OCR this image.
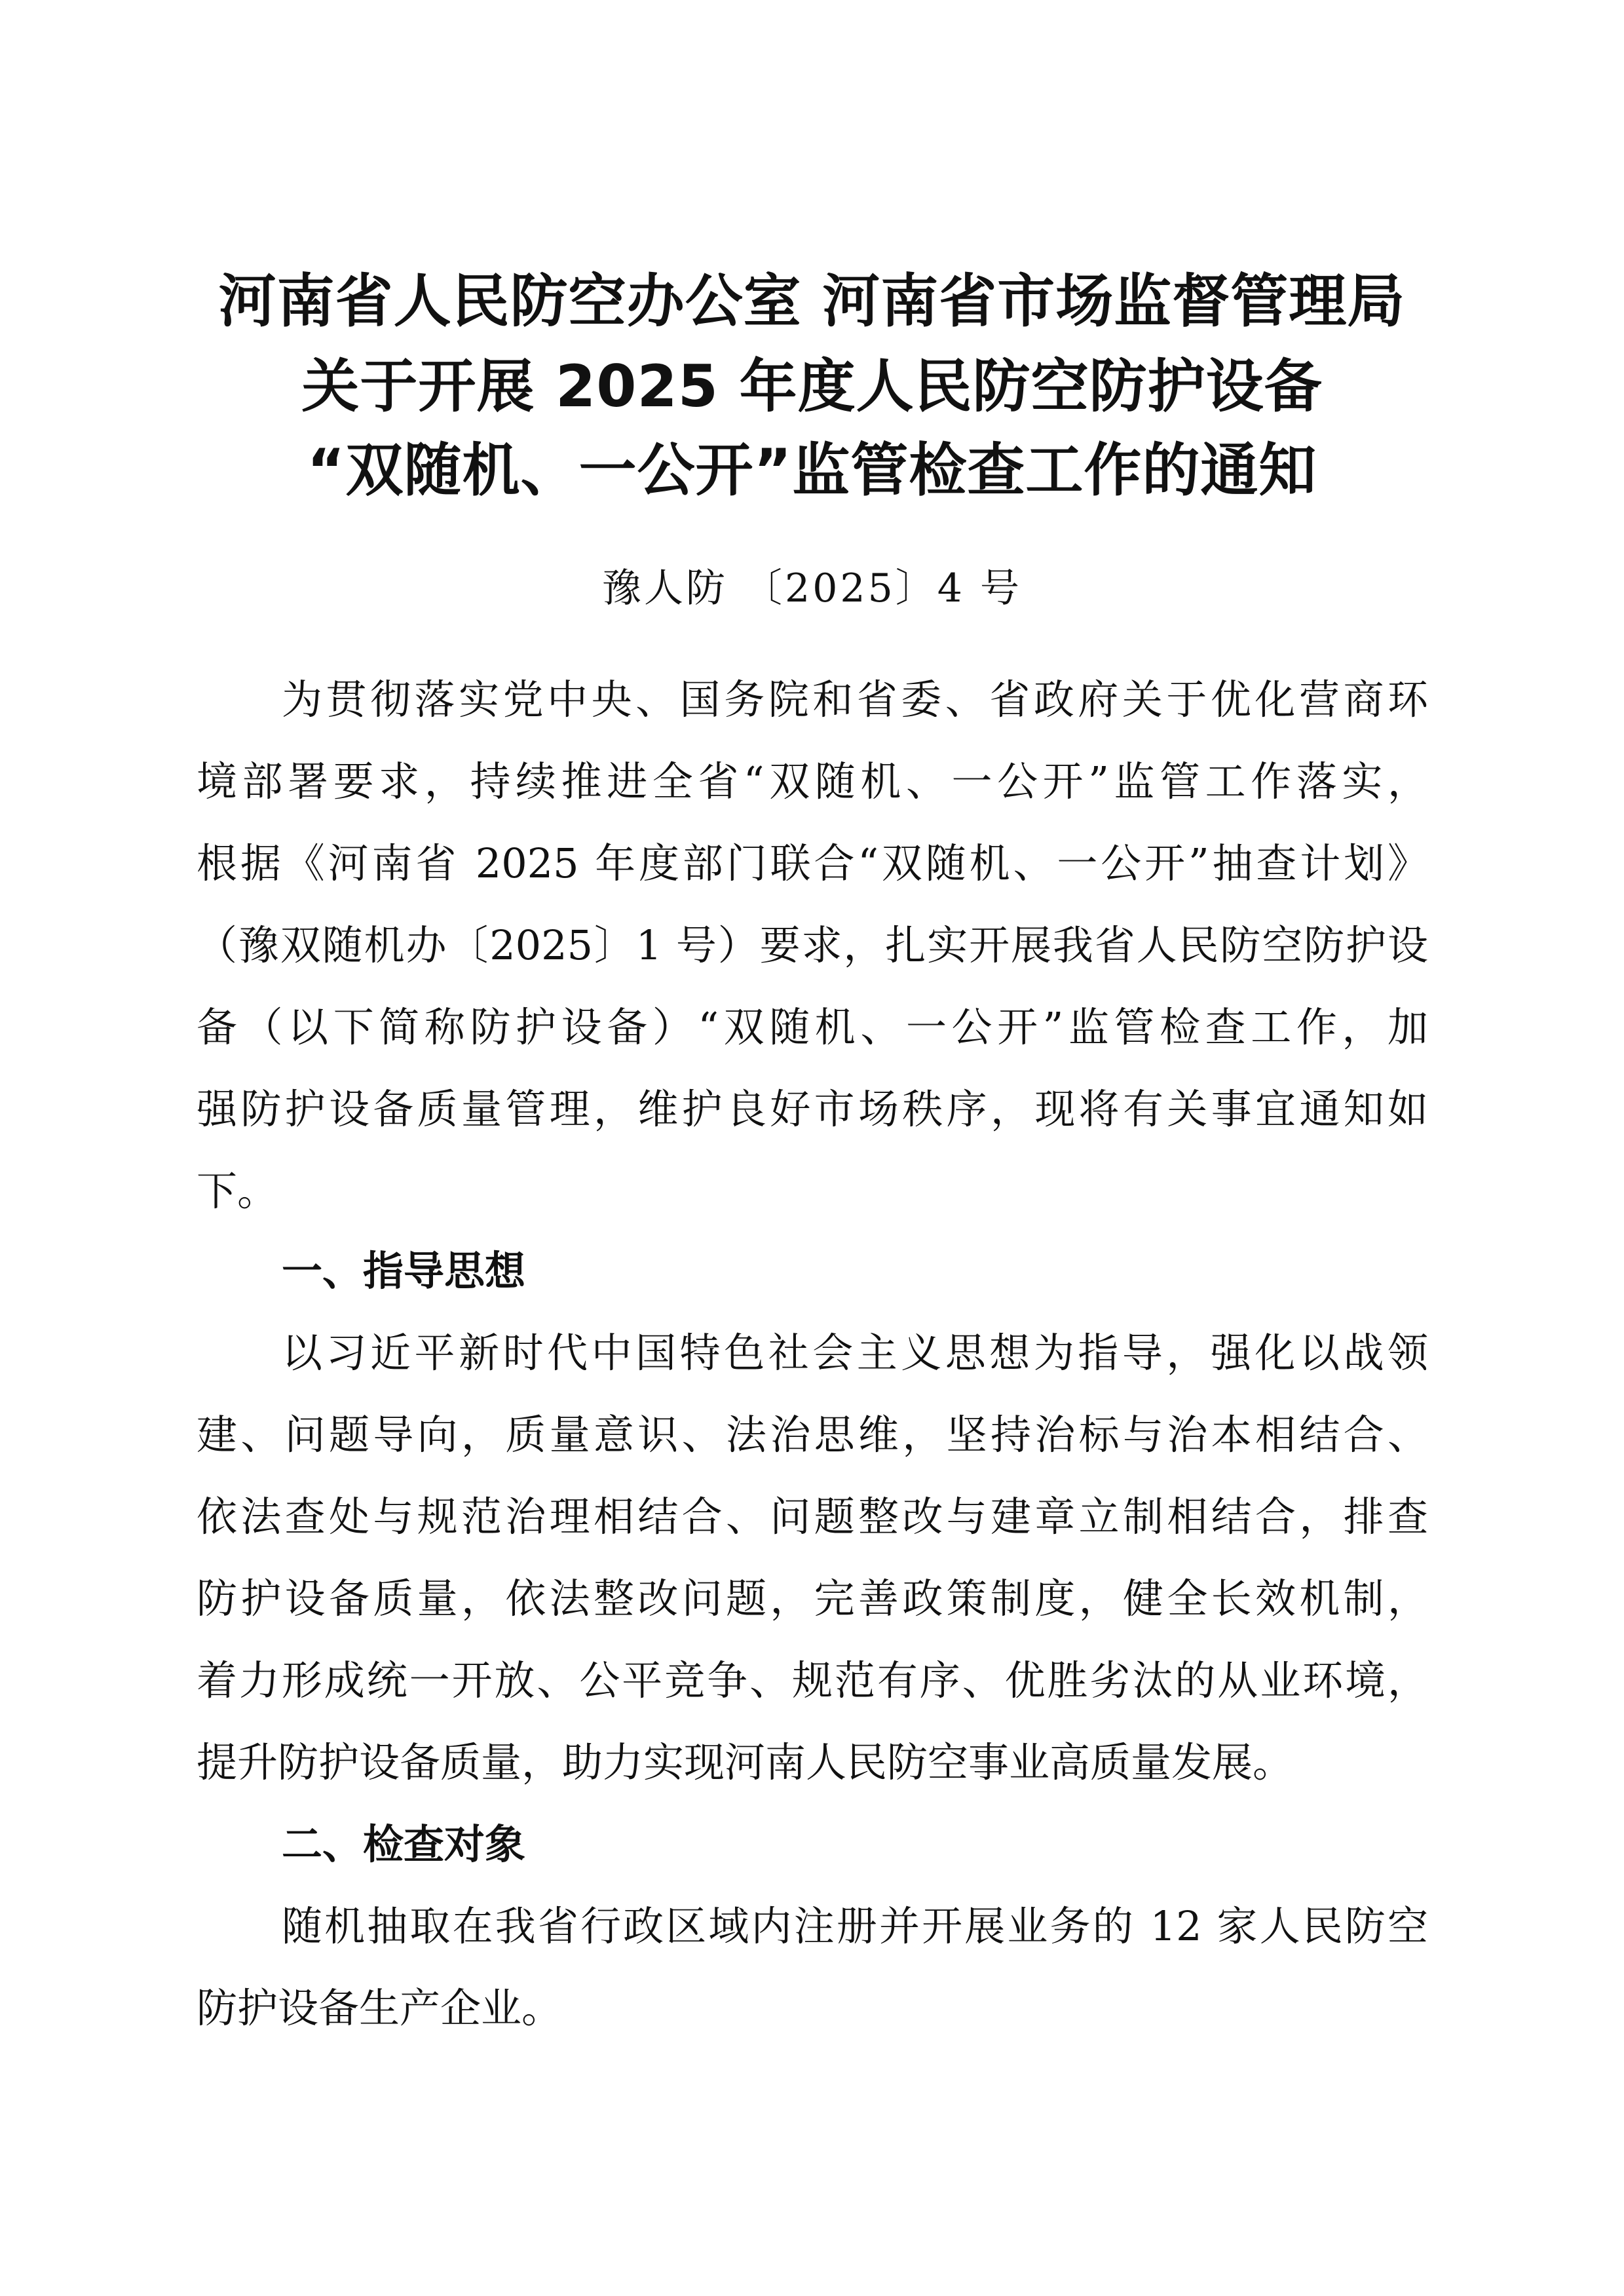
河南省人民防空办公室 河南省市场监督管理局
关于开展 2025 年度人民防空防护设备
“双随机、一公开”监管检查工作的通知
豫人防 〔2025〕4 号
为贯彻落实党中央、国务院和省委、省政府关于优化营商环
境部署要求，持续推进全省“双随机、一公开”监管工作落实，
根据《河南省 2025 年度部门联合“双随机、一公开”抽查计划》
（豫双随机办〔2025〕1 号）要求，扎实开展我省人民防空防护设
备（以下简称防护设备）“双随机、一公开”监管检查工作，加
强防护设备质量管理，维护良好市场秩序，现将有关事宜通知如
下。
一、指导思想
以习近平新时代中国特色社会主义思想为指导，强化以战领
建、问题导向，质量意识、法治思维，坚持治标与治本相结合、
依法查处与规范治理相结合、问题整改与建章立制相结合，排查
防护设备质量，依法整改问题，完善政策制度，健全长效机制，
着力形成统一开放、公平竞争、规范有序、优胜劣汰的从业环境，
提升防护设备质量，助力实现河南人民防空事业高质量发展。
二、检查对象
随机抽取在我省行政区域内注册并开展业务的 12 家人民防空
防护设备生产企业。
